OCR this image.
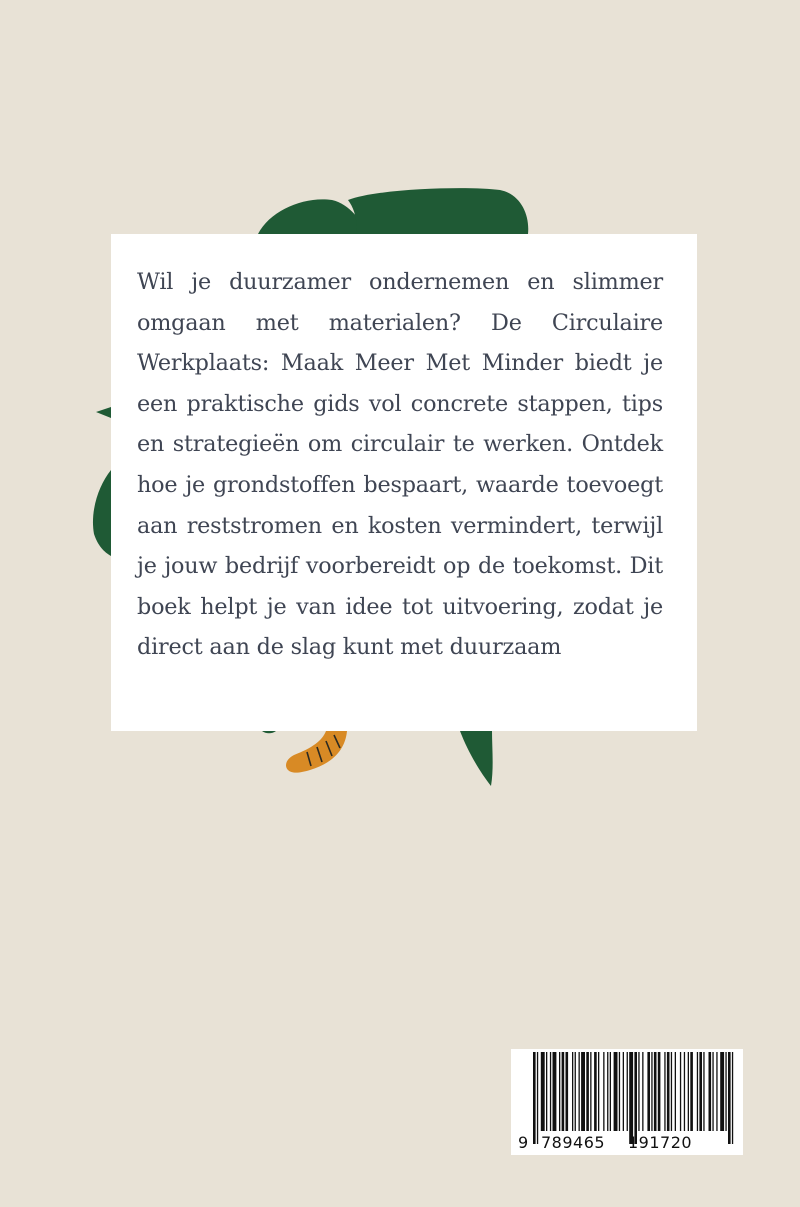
Wil je duurzamer ondernemen en slimmer omgaan met materialen? De Circulaire Werkplaats: Maak Meer Met Minder biedt je een praktische gids vol concrete stappen, tips en strategieën om circulair te werken. Ontdek hoe je grondstoffen bespaart, waarde toevoegt aan reststromen en kosten vermindert, terwijl je jouw bedrijf voorbereidt op de toekomst. Dit boek helpt je van idee tot uitvoering, zodat je direct aan de slag kunt met duurzaam

9 789465 191720
